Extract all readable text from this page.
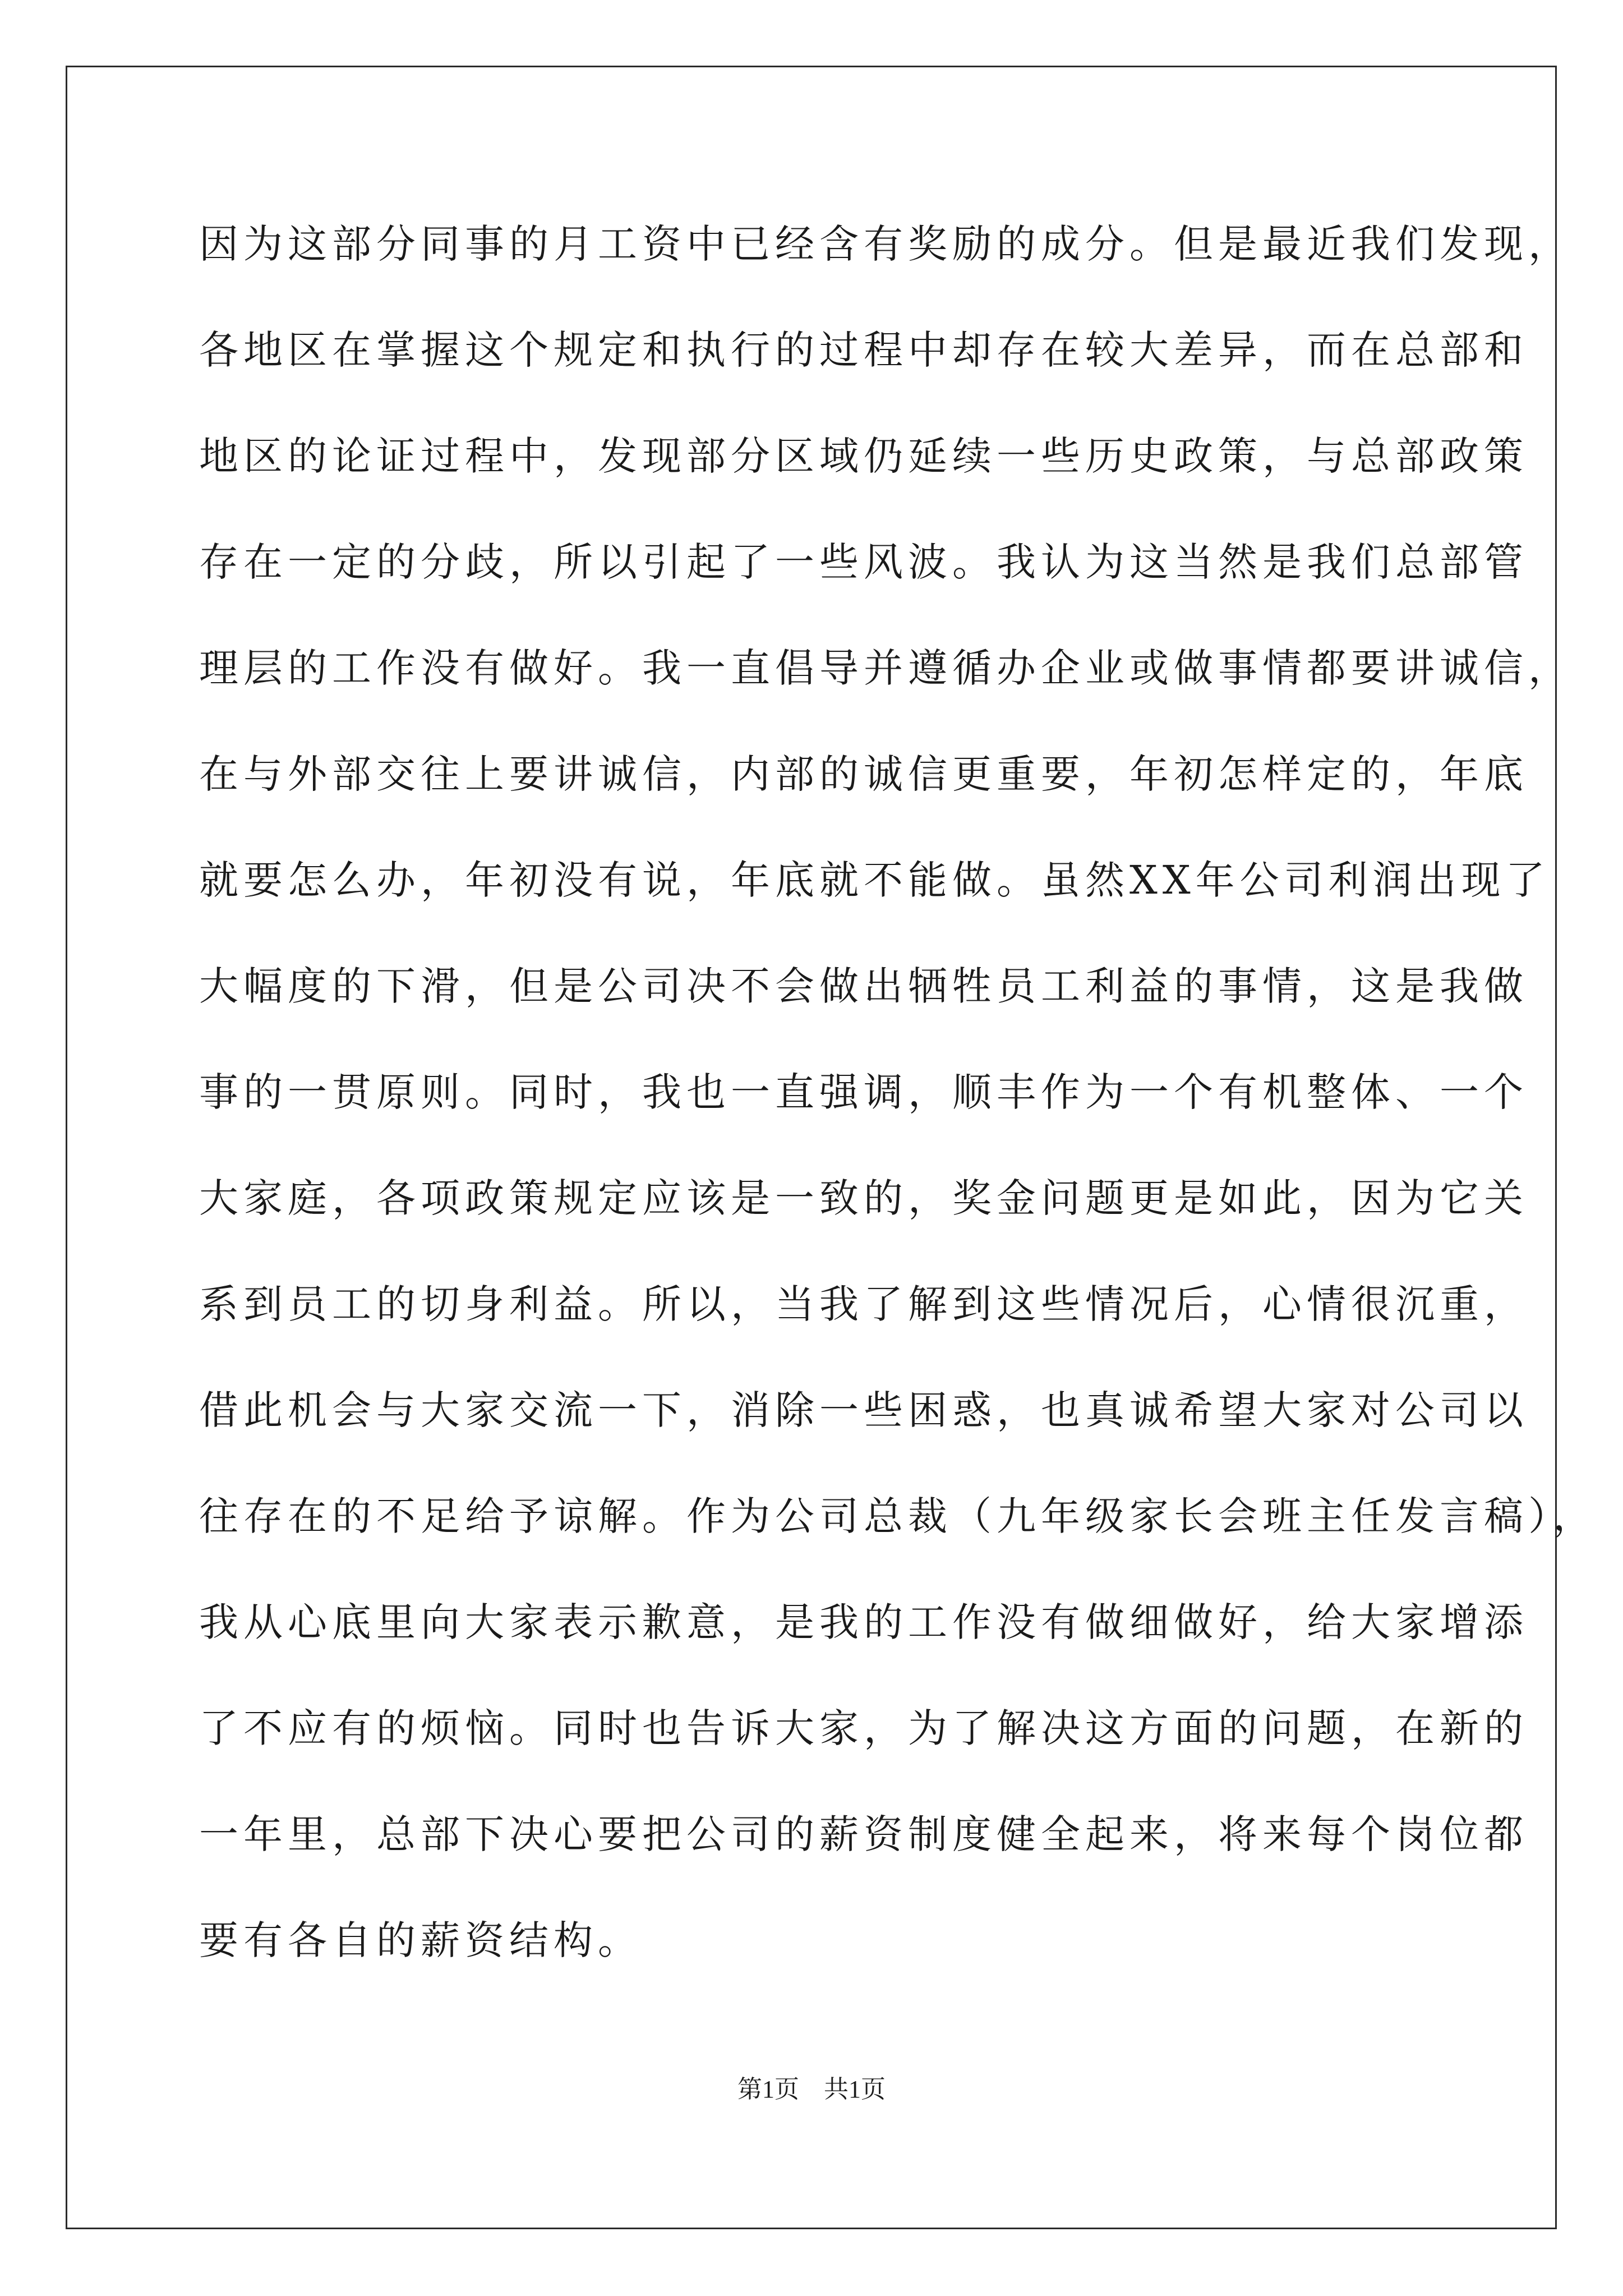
因为这部分同事的月工资中已经含有奖励的成分。但是最近我们发现，
各地区在掌握这个规定和执行的过程中却存在较大差异，而在总部和
地区的论证过程中，发现部分区域仍延续一些历史政策，与总部政策
存在一定的分歧，所以引起了一些风波。我认为这当然是我们总部管
理层的工作没有做好。我一直倡导并遵循办企业或做事情都要讲诚信，
在与外部交往上要讲诚信，内部的诚信更重要，年初怎样定的，年底
就要怎么办，年初没有说，年底就不能做。虽然XX年公司利润出现了
大幅度的下滑，但是公司决不会做出牺牲员工利益的事情，这是我做
事的一贯原则。同时，我也一直强调，顺丰作为一个有机整体、一个
大家庭，各项政策规定应该是一致的，奖金问题更是如此，因为它关
系到员工的切身利益。所以，当我了解到这些情况后，心情很沉重，
借此机会与大家交流一下，消除一些困惑，也真诚希望大家对公司以
往存在的不足给予谅解。作为公司总裁（九年级家长会班主任发言稿），
我从心底里向大家表示歉意，是我的工作没有做细做好，给大家增添
了不应有的烦恼。同时也告诉大家，为了解决这方面的问题，在新的
一年里，总部下决心要把公司的薪资制度健全起来，将来每个岗位都
要有各自的薪资结构。
第1页　共1页
